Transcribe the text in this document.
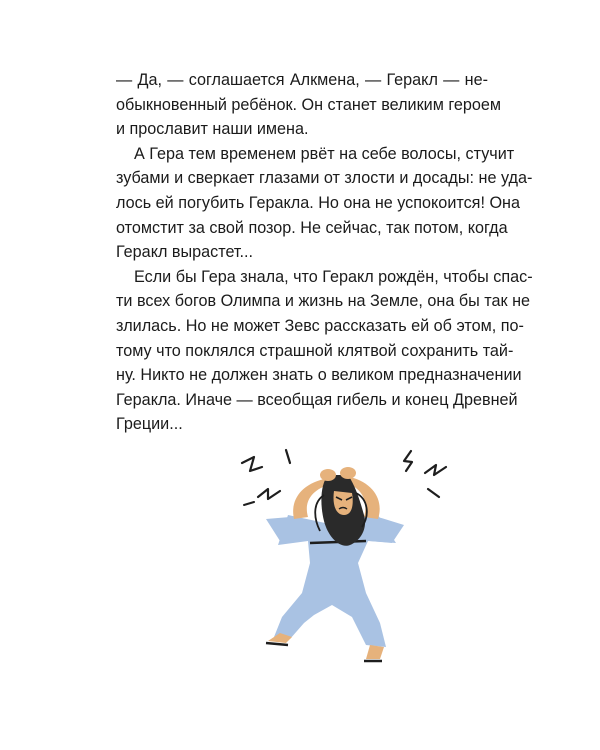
— Да, — соглашается Алкмена, — Геракл — не-
обыкновенный ребёнок. Он станет великим героем
и прославит наши имена.

А Гера тем временем рвёт на себе волосы, стучит
зубами и сверкает глазами от злости и досады: не уда-
лось ей погубить Геракла. Но она не успокоится! Она
отомстит за свой позор. Не сейчас, так потом, когда
Геракл вырастет...

Если бы Гера знала, что Геракл рождён, чтобы спас-
ти всех богов Олимпа и жизнь на Земле, она бы так не
злилась. Но не может Зевс рассказать ей об этом, по-
тому что поклялся страшной клятвой сохранить тай-
ну. Никто не должен знать о великом предназначении
Геракла. Иначе — всеобщая гибель и конец Древней
Греции...
